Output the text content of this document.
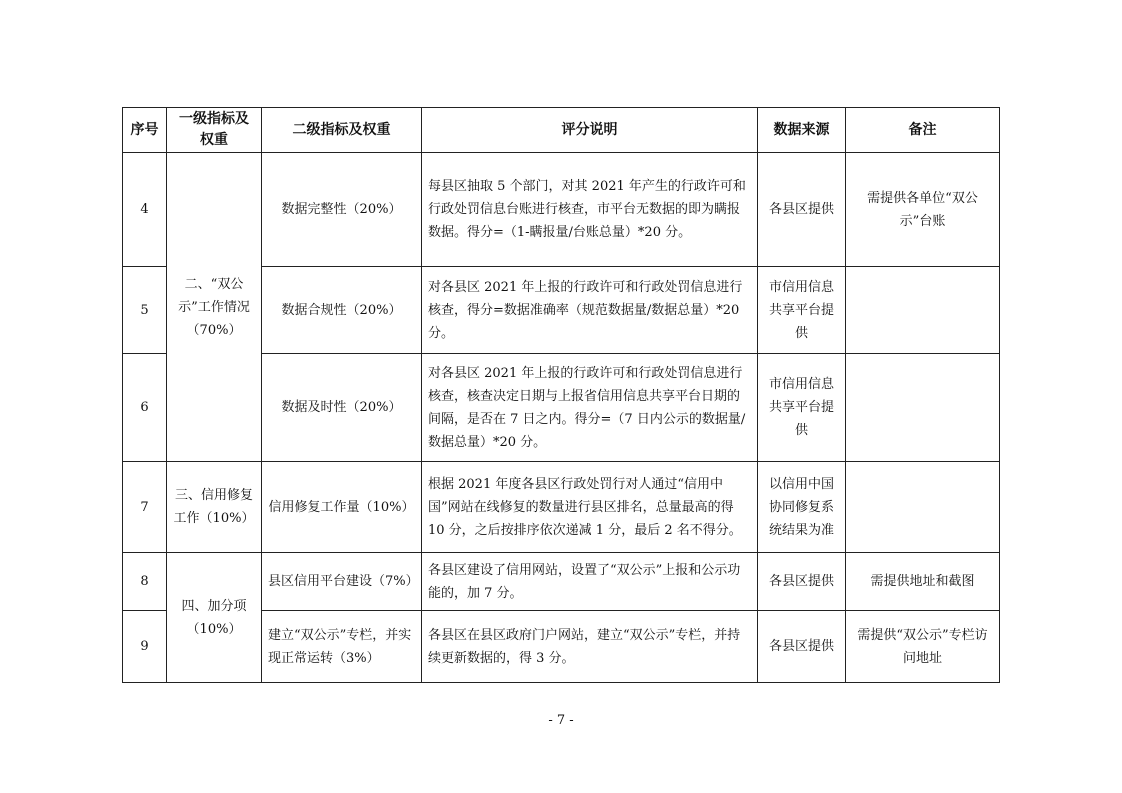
序号	一级指标及权重	二级指标及权重	评分说明	数据来源	备注
4	二、“双公示”工作情况（70%）	数据完整性（20%）	每县区抽取 5 个部门，对其 2021 年产生的行政许可和行政处罚信息台账进行核查，市平台无数据的即为瞒报数据。得分=（1-瞒报量/台账总量）*20 分。	各县区提供	需提供各单位“双公示”台账
5		数据合规性（20%）	对各县区 2021 年上报的行政许可和行政处罚信息进行核查，得分=数据准确率（规范数据量/数据总量）*20 分。	市信用信息共享平台提供	
6		数据及时性（20%）	对各县区 2021 年上报的行政许可和行政处罚信息进行核查，核查决定日期与上报省信用信息共享平台日期的间隔，是否在 7 日之内。得分=（7 日内公示的数据量/数据总量）*20 分。	市信用信息共享平台提供	
7	三、信用修复工作（10%）	信用修复工作量（10%）	根据 2021 年度各县区行政处罚行对人通过“信用中国”网站在线修复的数量进行县区排名，总量最高的得 10 分，之后按排序依次递减 1 分，最后 2 名不得分。	以信用中国协同修复系统结果为准	
8	四、加分项（10%）	县区信用平台建设（7%）	各县区建设了信用网站，设置了“双公示”上报和公示功能的，加 7 分。	各县区提供	需提供地址和截图
9		建立“双公示”专栏，并实现正常运转（3%）	各县区在县区政府门户网站，建立“双公示”专栏，并持续更新数据的，得 3 分。	各县区提供	需提供“双公示”专栏访问地址
- 7 -
